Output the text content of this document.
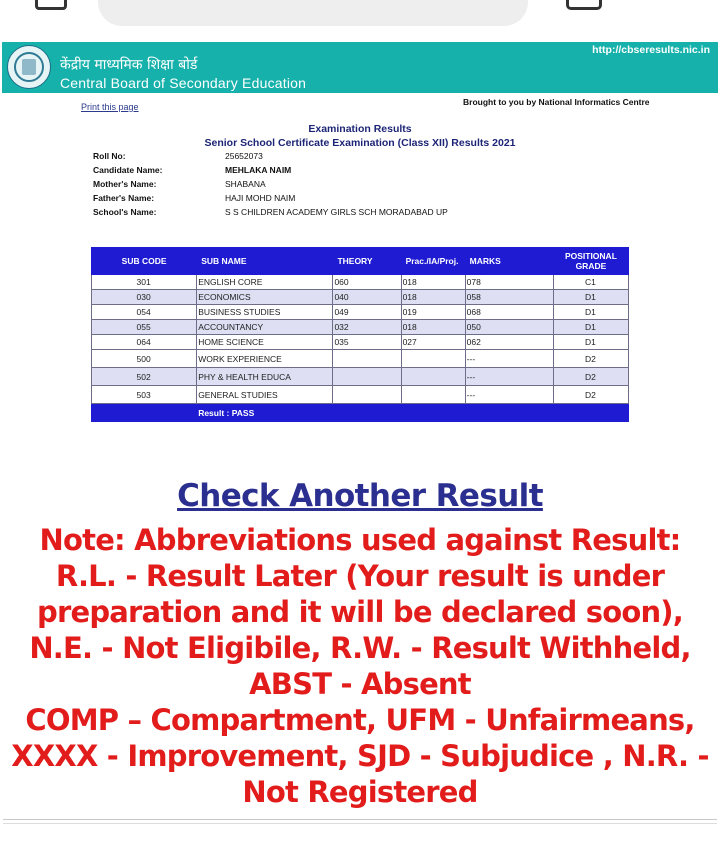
केंद्रीय माध्यमिक शिक्षा बोर्ड
Central Board of Secondary Education
http://cbseresults.nic.in
Print this page	Brought to you by National Informatics Centre
Examination Results
Senior School Certificate Examination (Class XII) Results 2021
Roll No:	25652073
Candidate Name:	MEHLAKA NAIM
Mother's Name:	SHABANA
Father's Name:	HAJI MOHD NAIM
School's Name:	S S CHILDREN ACADEMY GIRLS SCH MORADABAD UP
SUB CODE	SUB NAME	THEORY	Prac./IA/Proj.	MARKS	POSITIONAL
GRADE
301	ENGLISH CORE	060	018	078	C1
030	ECONOMICS	040	018	058	D1
054	BUSINESS STUDIES	049	019	068	D1
055	ACCOUNTANCY	032	018	050	D1
064	HOME SCIENCE	035	027	062	D1
500	WORK EXPERIENCE			---	D2
502	PHY & HEALTH EDUCA			---	D2
503	GENERAL STUDIES			---	D2
	Result : PASS				
Check Another Result
Note: Abbreviations used against Result: R.L. - Result Later (Your result is under preparation and it will be declared soon), N.E. - Not Eligibile, R.W. - Result Withheld, ABST - Absent
COMP – Compartment, UFM - Unfairmeans, XXXX - Improvement, SJD - Subjudice , N.R. - Not Registered
